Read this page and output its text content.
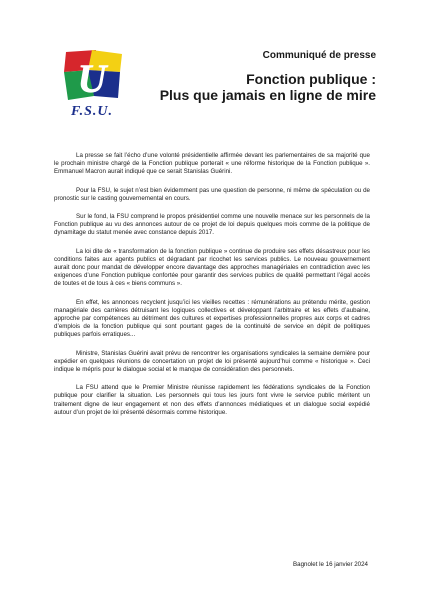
U
F.S.U.
Communiqué de presse
Fonction publique :
Plus que jamais en ligne de mire

La presse se fait l’écho d’une volonté présidentielle affirmée devant les parlementaires de sa majorité que le prochain ministre chargé de la Fonction publique porterait « une réforme historique de la Fonction publique ». Emmanuel Macron aurait indiqué que ce serait Stanislas Guérini.

Pour la FSU, le sujet n’est bien évidemment pas une question de personne, ni même de spéculation ou de pronostic sur le casting gouvernemental en cours.

Sur le fond, la FSU comprend le propos présidentiel comme une nouvelle menace sur les personnels de la Fonction publique au vu des annonces autour de ce projet de loi depuis quelques mois comme de la politique de dynamitage du statut menée avec constance depuis 2017.

La loi dite de « transformation de la fonction publique » continue de produire ses effets désastreux pour les conditions faites aux agents publics et dégradant par ricochet les services publics. Le nouveau gouvernement aurait donc pour mandat de développer encore davantage des approches managériales en contradiction avec les exigences d’une Fonction publique confortée pour garantir des services publics de qualité permettant l’égal accès de toutes et de tous à ces « biens communs ».

En effet, les annonces recyclent jusqu’ici les vieilles recettes : rémunérations au prétendu mérite, gestion managériale des carrières détruisant les logiques collectives et développant l’arbitraire et les effets d’aubaine, approche par compétences au détriment des cultures et expertises professionnelles propres aux corps et cadres d’emplois de la fonction publique qui sont pourtant gages de la continuité de service en dépit de politiques publiques parfois erratiques...

Ministre, Stanislas Guérini avait prévu de rencontrer les organisations syndicales la semaine dernière pour expédier en quelques réunions de concertation un projet de loi présenté aujourd’hui comme « historique ». Ceci indique le mépris pour le dialogue social et le manque de considération des personnels.

La FSU attend que le Premier Ministre réunisse rapidement les fédérations syndicales de la Fonction publique pour clarifier la situation. Les personnels qui tous les jours font vivre le service public méritent un traitement digne de leur engagement et non des effets d’annonces médiatiques et un dialogue social expédié autour d’un projet de loi présenté désormais comme historique.

Bagnolet le 16 janvier 2024
